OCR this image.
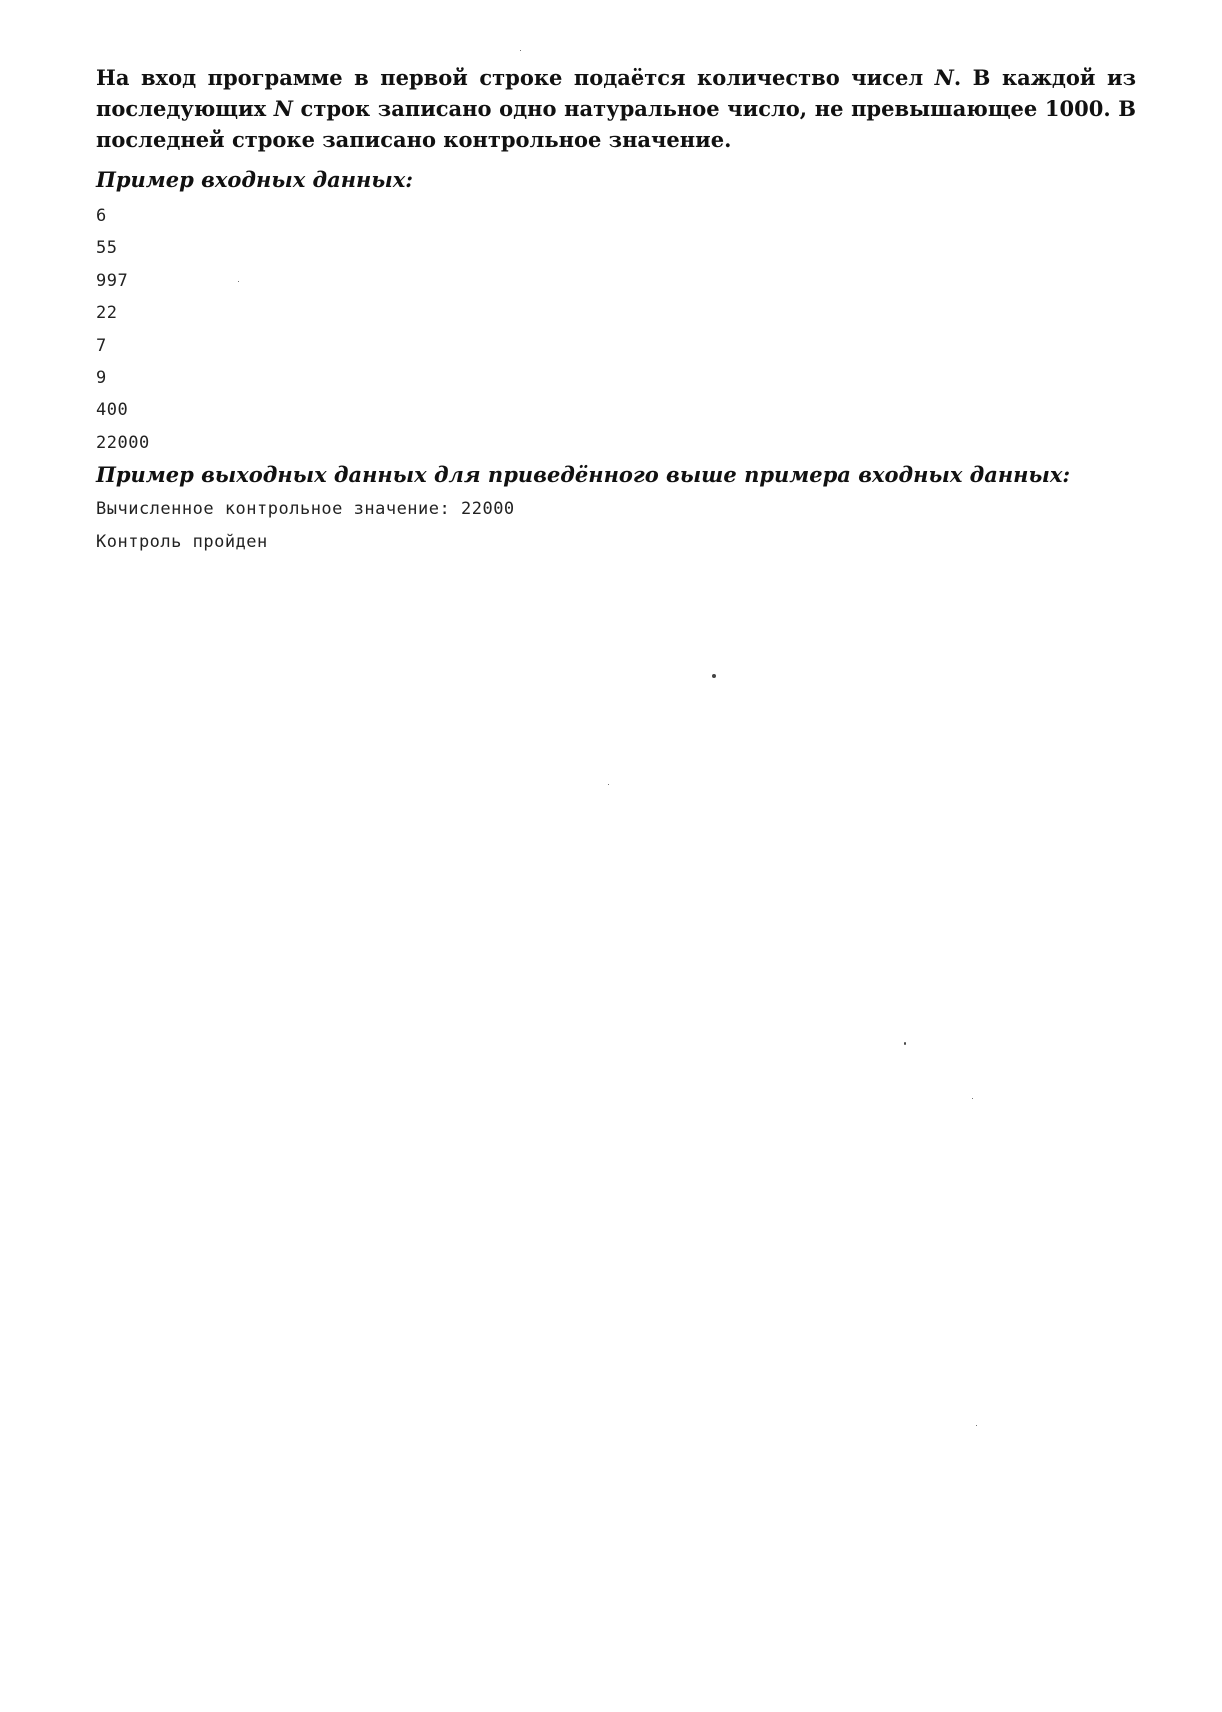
На вход программе в первой строке подаётся количество чисел N. В каждой из последующих N строк записано одно натуральное число, не превышающее 1000. В последней строке записано контрольное значение.

Пример входных данных:

6
55
997
22
7
9
400
22000

Пример выходных данных для приведённого выше примера входных данных:

Вычисленное контрольное значение: 22000
Контроль пройден
